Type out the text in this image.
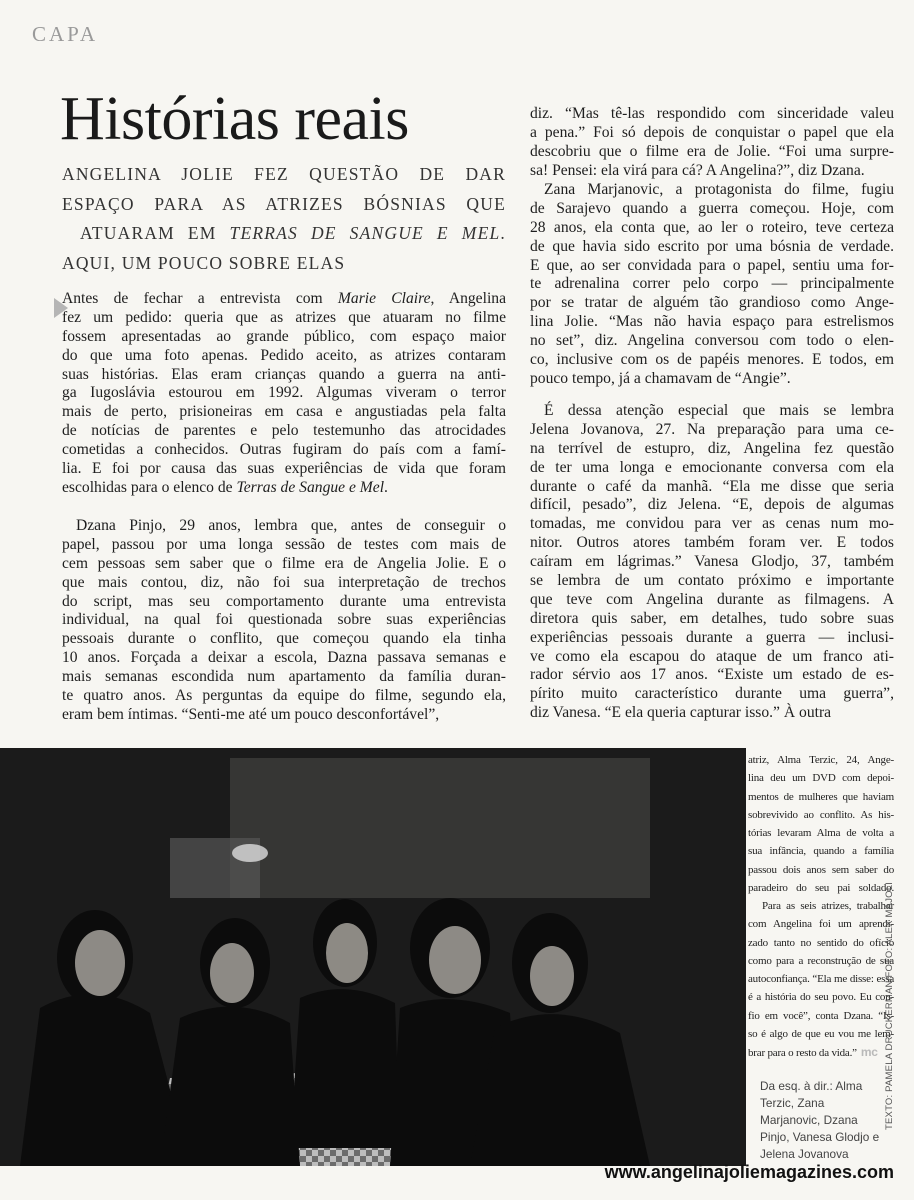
CAPA
Histórias reais
ANGELINA JOLIE FEZ QUESTÃO DE DAR
ESPAÇO PARA AS ATRIZES BÓSNIAS QUE
ATUARAM EM TERRAS DE SANGUE E MEL.
AQUI, UM POUCO SOBRE ELAS
Antes de fechar a entrevista com Marie Claire, Angelina
fez um pedido: queria que as atrizes que atuaram no filme
fossem apresentadas ao grande público, com espaço maior
do que uma foto apenas. Pedido aceito, as atrizes contaram
suas histórias. Elas eram crianças quando a guerra na anti-
ga Iugoslávia estourou em 1992. Algumas viveram o terror
mais de perto, prisioneiras em casa e angustiadas pela falta
de notícias de parentes e pelo testemunho das atrocidades
cometidas a conhecidos. Outras fugiram do país com a famí-
lia. E foi por causa das suas experiências de vida que foram
escolhidas para o elenco de Terras de Sangue e Mel.
Dzana Pinjo, 29 anos, lembra que, antes de conseguir o
papel, passou por uma longa sessão de testes com mais de
cem pessoas sem saber que o filme era de Angelia Jolie. E o
que mais contou, diz, não foi sua interpretação de trechos
do script, mas seu comportamento durante uma entrevista
individual, na qual foi questionada sobre suas experiências
pessoais durante o conflito, que começou quando ela tinha
10 anos. Forçada a deixar a escola, Dazna passava semanas e
mais semanas escondida num apartamento da família duran-
te quatro anos. As perguntas da equipe do filme, segundo ela,
eram bem íntimas. “Senti-me até um pouco desconfortável”,
diz. “Mas tê-las respondido com sinceridade valeu
a pena.” Foi só depois de conquistar o papel que ela
descobriu que o filme era de Jolie. “Foi uma surpre-
sa! Pensei: ela virá para cá? A Angelina?”, diz Dzana.
Zana Marjanovic, a protagonista do filme, fugiu
de Sarajevo quando a guerra começou. Hoje, com
28 anos, ela conta que, ao ler o roteiro, teve certeza
de que havia sido escrito por uma bósnia de verdade.
E que, ao ser convidada para o papel, sentiu uma for-
te adrenalina correr pelo corpo — principalmente
por se tratar de alguém tão grandioso como Ange-
lina Jolie. “Mas não havia espaço para estrelismos
no set”, diz. Angelina conversou com todo o elen-
co, inclusive com os de papéis menores. E todos, em
pouco tempo, já a chamavam de “Angie”.
É dessa atenção especial que mais se lembra
Jelena Jovanova, 27. Na preparação para uma ce-
na terrível de estupro, diz, Angelina fez questão
de ter uma longa e emocionante conversa com ela
durante o café da manhã. “Ela me disse que seria
difícil, pesado”, diz Jelena. “E, depois de algumas
tomadas, me convidou para ver as cenas num mo-
nitor. Outros atores também foram ver. E todos
caíram em lágrimas.” Vanesa Glodjo, 37, também
se lembra de um contato próximo e importante
que teve com Angelina durante as filmagens. A
diretora quis saber, em detalhes, tudo sobre suas
experiências pessoais durante a guerra — inclusi-
ve como ela escapou do ataque de um franco ati-
rador sérvio aos 17 anos. “Existe um estado de es-
pírito muito característico durante uma guerra”,
diz Vanesa. “E ela queria capturar isso.” À outra
atriz, Alma Terzic, 24, Ange-
lina deu um DVD com depoi-
mentos de mulheres que haviam
sobrevivido ao conflito. As his-
tórias levaram Alma de volta a
sua infância, quando a família
passou dois anos sem saber do
paradeiro do seu pai soldado.
Para as seis atrizes, trabalhar
com Angelina foi um aprendi-
zado tanto no sentido do ofício
como para a reconstrução de sua
autoconfiança. “Ela me disse: essa
é a história do seu povo. Eu con-
fio em você”, conta Dzana. “Is-
so é algo de que eu vou me lem-
brar para o resto da vida.” mc
Da esq. à dir.: Alma Terzic, Zana Marjanovic, Dzana Pinjo, Vanesa Glodjo e Jelena Jovanova
TEXTO: PAMELA DRUCKERMAN/FOTO: ALEX MAJOLI
www.angelinajoliemagazines.com
